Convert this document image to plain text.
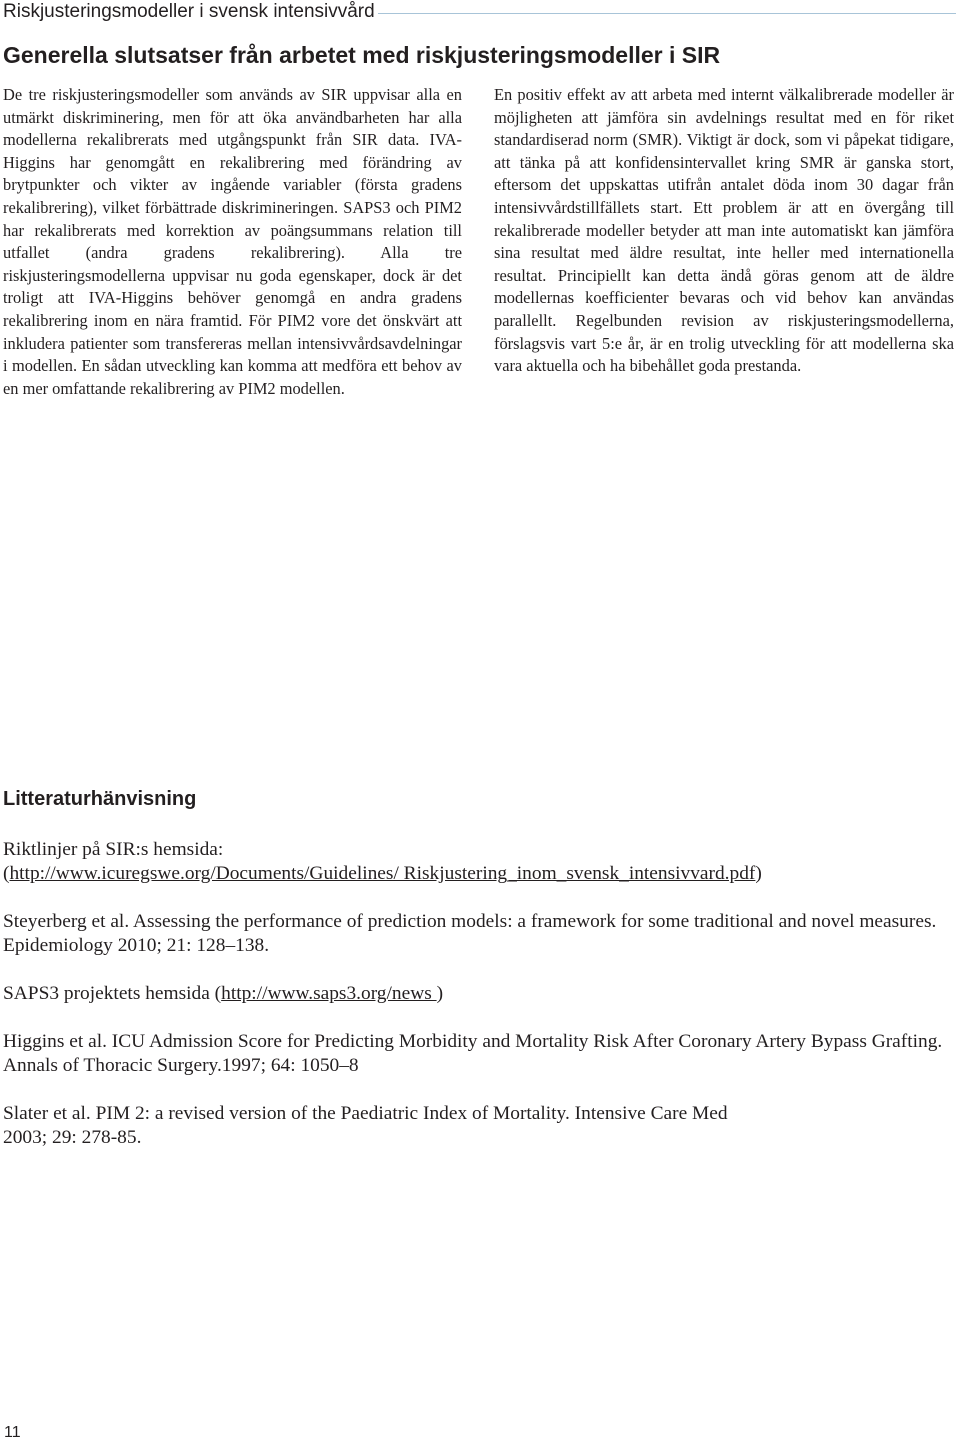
Riskjusteringsmodeller i svensk intensivvård
Generella slutsatser från arbetet med riskjusteringsmodeller i SIR

De tre riskjusteringsmodeller som används av SIR uppvisar alla en utmärkt diskriminering, men för att öka användbarheten har alla modellerna rekalibrerats med utgångspunkt från SIR data. IVA-Higgins har genomgått en rekalibrering med förändring av brytpunkter och vikter av ingående variabler (första gradens rekalibrering), vilket förbättrade diskrimineringen. SAPS3 och PIM2 har rekalibrerats med korrektion av poängsummans relation till utfallet (andra gradens rekalibrering). Alla tre riskjusteringsmodellerna uppvisar nu goda egenskaper, dock är det troligt att IVA-Higgins behöver genomgå en andra gradens rekalibrering inom en nära framtid. För PIM2 vore det önskvärt att inkludera patienter som transfereras mellan intensivvårdsavdelningar i modellen. En sådan utveckling kan komma att medföra ett behov av en mer omfattande rekalibrering av PIM2 modellen.

En positiv effekt av att arbeta med internt välkalibrerade modeller är möjligheten att jämföra sin avdelnings resultat med en för riket standardiserad norm (SMR). Viktigt är dock, som vi påpekat tidigare, att tänka på att konfidensintervallet kring SMR är ganska stort, eftersom det uppskattas utifrån antalet döda inom 30 dagar från intensivvårdstillfällets start. Ett problem är att en övergång till rekalibrerade modeller betyder att man inte automatiskt kan jämföra sina resultat med äldre resultat, inte heller med internationella resultat. Principiellt kan detta ändå göras genom att de äldre modellernas koefficienter bevaras och vid behov kan användas parallellt. Regelbunden revision av riskjusteringsmodellerna, förslagsvis vart 5:e år, är en trolig utveckling för att modellerna ska vara aktuella och ha bibehållet goda prestanda.

Litteraturhänvisning

Riktlinjer på SIR:s hemsida:
(http://www.icuregswe.org/Documents/Guidelines/ Riskjustering_inom_svensk_intensivvard.pdf)

Steyerberg et al. Assessing the performance of prediction models: a framework for some traditional and novel measures. Epidemiology 2010; 21: 128–138.

SAPS3 projektets hemsida (http://www.saps3.org/news )

Higgins et al. ICU Admission Score for Predicting Morbidity and Mortality Risk After Coronary Artery Bypass Grafting. Annals of Thoracic Surgery.1997; 64: 1050–8

Slater et al. PIM 2: a revised version of the Paediatric Index of Mortality. Intensive Care Med
2003; 29: 278-85.

11
